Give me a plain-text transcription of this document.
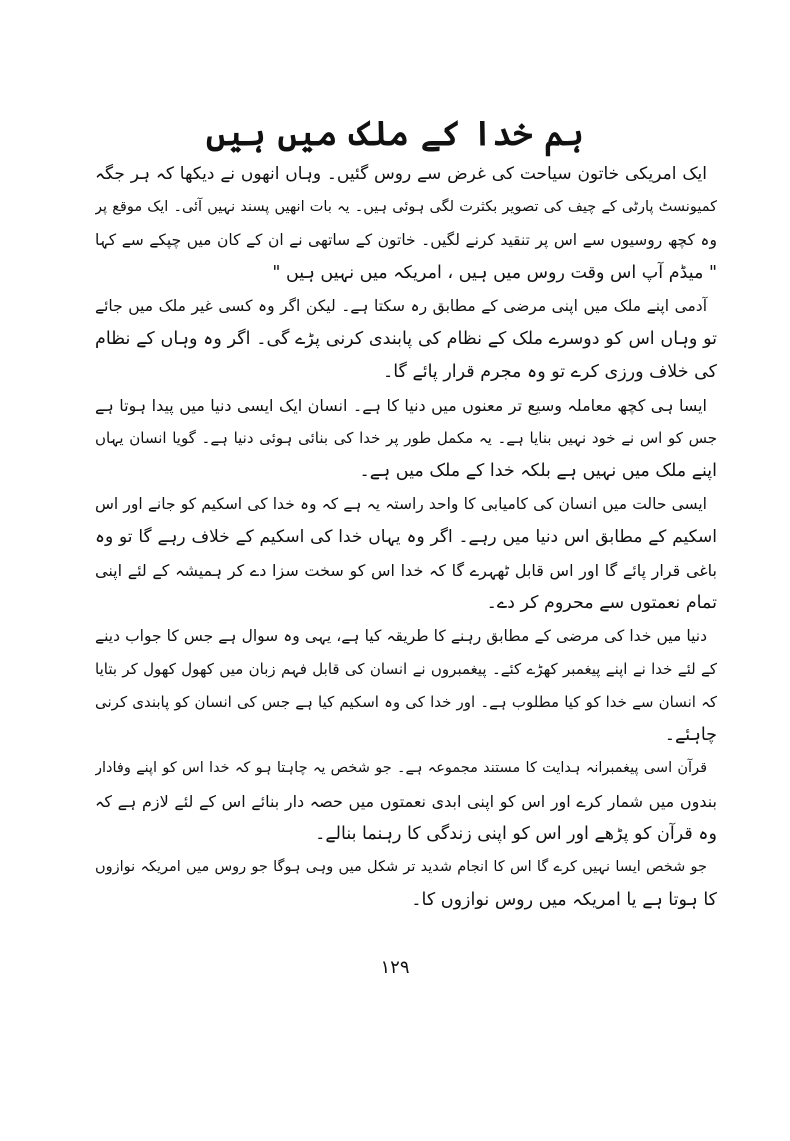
ہم خدا کے ملک میں ہیں
ایک امریکی خاتون سیاحت کی غرض سے روس گئیں۔ وہاں انھوں نے دیکھا کہ ہر جگہ
کمیونسٹ پارٹی کے چیف کی تصویر بکثرت لگی ہوئی ہیں۔ یہ بات انھیں پسند نہیں آئی۔ ایک موقع پر
وہ کچھ روسیوں سے اس پر تنقید کرنے لگیں۔ خاتون کے ساتھی نے ان کے کان میں چپکے سے کہا
" میڈم آپ اس وقت روس میں ہیں ، امریکہ میں نہیں ہیں "
آدمی اپنے ملک میں اپنی مرضی کے مطابق رہ سکتا ہے۔ لیکن اگر وہ کسی غیر ملک میں جائے
تو وہاں اس کو دوسرے ملک کے نظام کی پابندی کرنی پڑے گی۔ اگر وہ وہاں کے نظام
کی خلاف ورزی کرے تو وہ مجرم قرار پائے گا۔
ایسا ہی کچھ معاملہ وسیع تر معنوں میں دنیا کا ہے۔ انسان ایک ایسی دنیا میں پیدا ہوتا ہے
جس کو اس نے خود نہیں بنایا ہے۔ یہ مکمل طور پر خدا کی بنائی ہوئی دنیا ہے۔ گویا انسان یہاں
اپنے ملک میں نہیں ہے بلکہ خدا کے ملک میں ہے۔
ایسی حالت میں انسان کی کامیابی کا واحد راستہ یہ ہے کہ وہ خدا کی اسکیم کو جانے اور اس
اسکیم کے مطابق اس دنیا میں رہے۔ اگر وہ یہاں خدا کی اسکیم کے خلاف رہے گا تو وہ
باغی قرار پائے گا اور اس قابل ٹھہرے گا کہ خدا اس کو سخت سزا دے کر ہمیشہ کے لئے اپنی
تمام نعمتوں سے محروم کر دے۔
دنیا میں خدا کی مرضی کے مطابق رہنے کا طریقہ کیا ہے، یہی وہ سوال ہے جس کا جواب دینے
کے لئے خدا نے اپنے پیغمبر کھڑے کئے۔ پیغمبروں نے انسان کی قابل فہم زبان میں کھول کھول کر بتایا
کہ انسان سے خدا کو کیا مطلوب ہے۔ اور خدا کی وہ اسکیم کیا ہے جس کی انسان کو پابندی کرنی
چاہئے۔
قرآن اسی پیغمبرانہ ہدایت کا مستند مجموعہ ہے۔ جو شخص یہ چاہتا ہو کہ خدا اس کو اپنے وفادار
بندوں میں شمار کرے اور اس کو اپنی ابدی نعمتوں میں حصہ دار بنائے اس کے لئے لازم ہے کہ
وہ قرآن کو پڑھے اور اس کو اپنی زندگی کا رہنما بنالے۔
جو شخص ایسا نہیں کرے گا اس کا انجام شدید تر شکل میں وہی ہوگا جو روس میں امریکہ نوازوں
کا ہوتا ہے یا امریکہ میں روس نوازوں کا۔
۱۲۹
